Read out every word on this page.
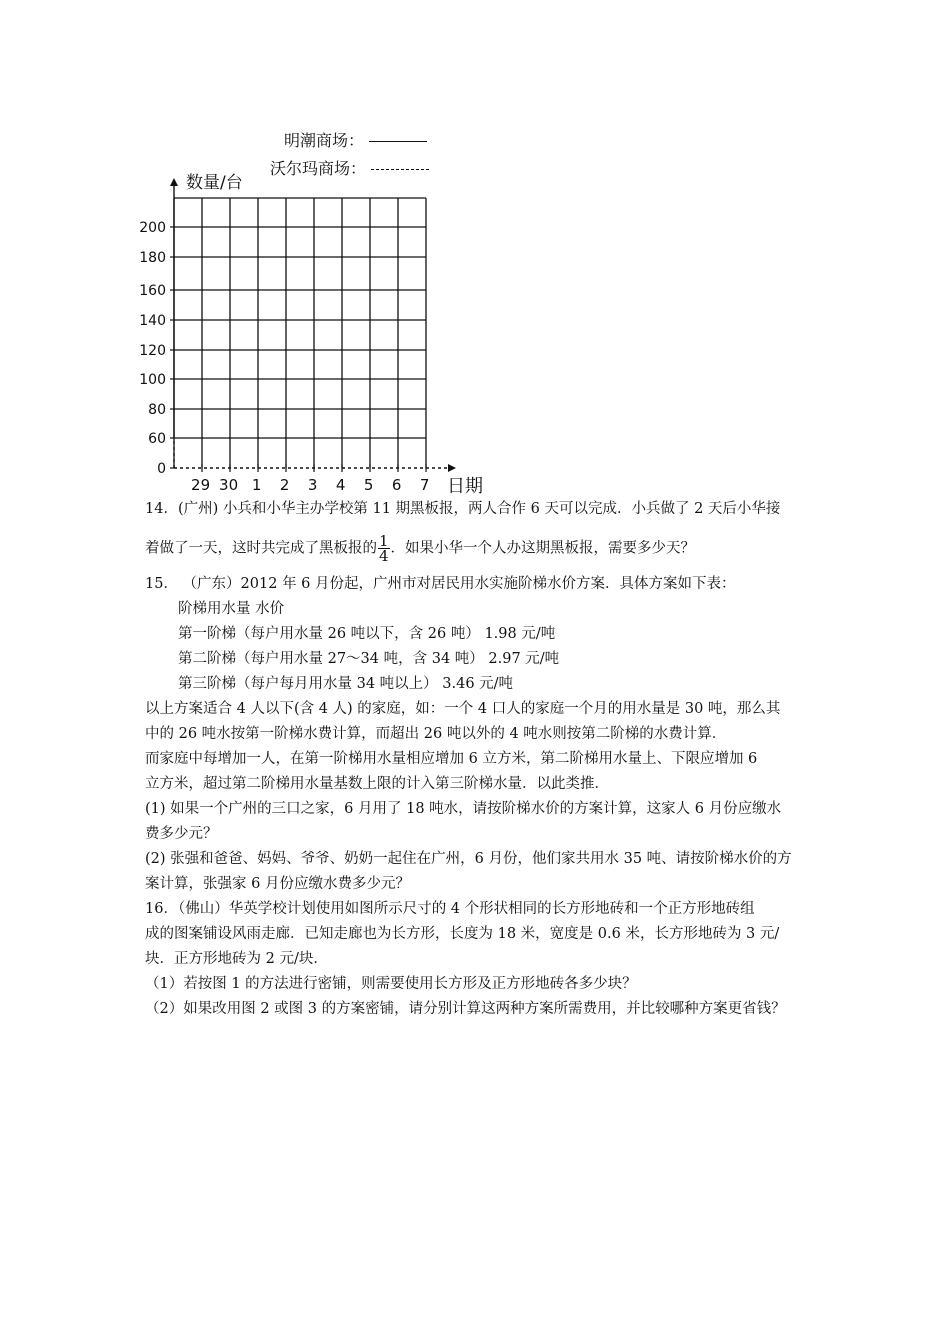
明潮商场：
沃尔玛商场：
0
60
80
100
120
140
160
180
200
29 30 1 2 3 4 5 6 7
数量/台
日期
14．(广州) 小兵和小华主办学校第 11 期黑板报，两人合作 6 天可以完成．小兵做了 2 天后小华接
着做了一天，这时共完成了黑板报的 $\frac{1}{4}$ ．如果小华一个人办这期黑板报，需要多少天？
15． （广东）2012 年 6 月份起，广州市对居民用水实施阶梯水价方案．具体方案如下表：
阶梯用水量 水价
第一阶梯（每户用水量 26 吨以下，含 26 吨） 1.98 元/吨
第二阶梯（每户用水量 27～34 吨，含 34 吨） 2.97 元/吨
第三阶梯（每户每月用水量 34 吨以上） 3.46 元/吨
以上方案适合 4 人以下(含 4 人) 的家庭，如：一个 4 口人的家庭一个月的用水量是 30 吨，那么其
中的 26 吨水按第一阶梯水费计算，而超出 26 吨以外的 4 吨水则按第二阶梯的水费计算．
而家庭中每增加一人，在第一阶梯用水量相应增加 6 立方米，第二阶梯用水量上、下限应增加 6
立方米，超过第二阶梯用水量基数上限的计入第三阶梯水量．以此类推．
(1) 如果一个广州的三口之家，6 月用了 18 吨水，请按阶梯水价的方案计算，这家人 6 月份应缴水
费多少元？
(2) 张强和爸爸、妈妈、爷爷、奶奶一起住在广州，6 月份，他们家共用水 35 吨、请按阶梯水价的方
案计算，张强家 6 月份应缴水费多少元？
16．（佛山）华英学校计划使用如图所示尺寸的 4 个形状相同的长方形地砖和一个正方形地砖组
成的图案铺设风雨走廊．已知走廊也为长方形，长度为 18 米，宽度是 0.6 米，长方形地砖为 3 元/
块．正方形地砖为 2 元/块．
（1）若按图 1 的方法进行密铺，则需要使用长方形及正方形地砖各多少块？
（2）如果改用图 2 或图 3 的方案密铺，请分别计算这两种方案所需费用，并比较哪种方案更省钱？
